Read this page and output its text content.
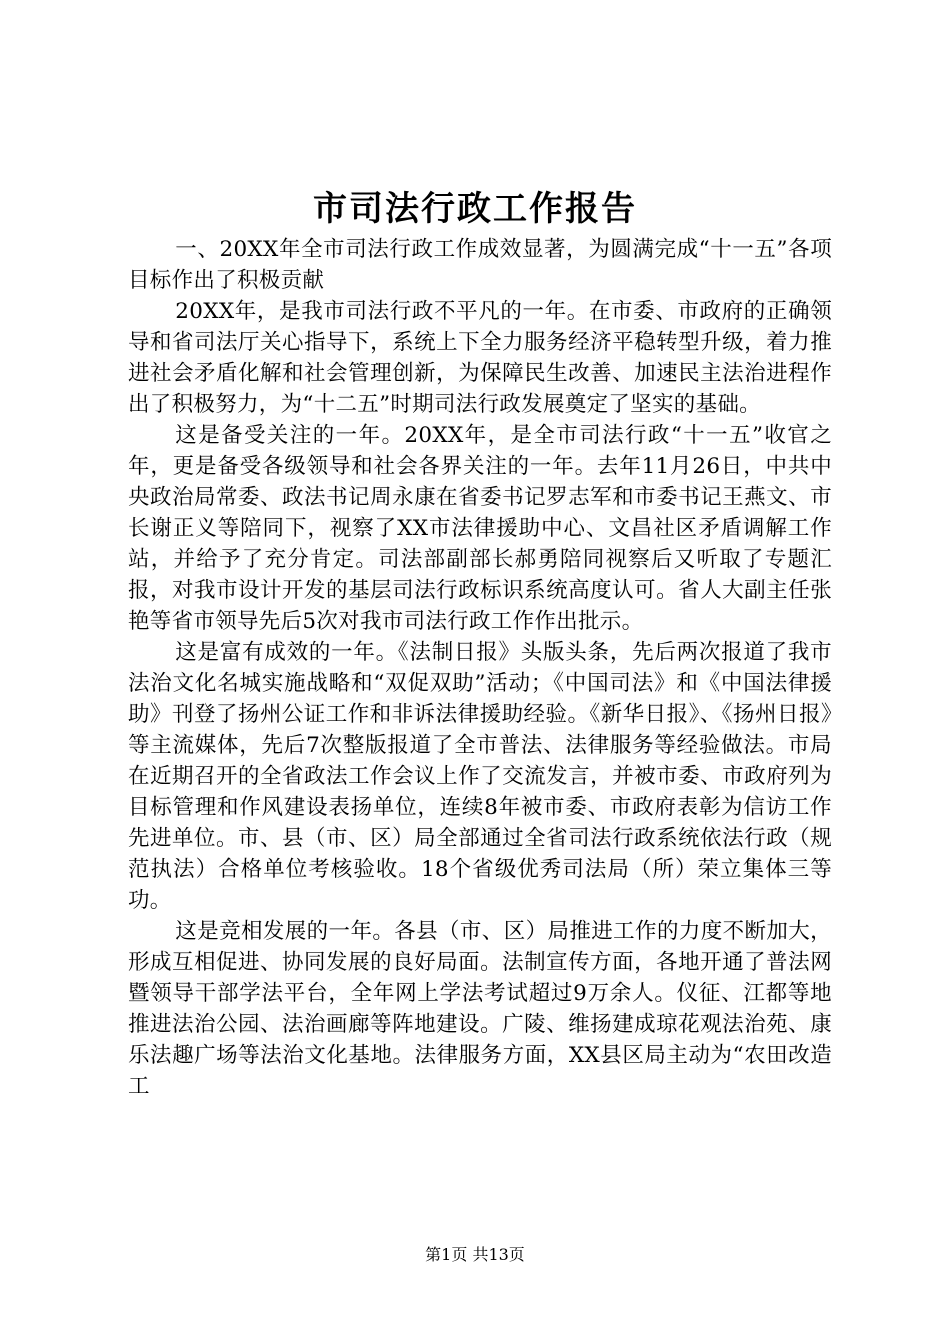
市司法行政工作报告

一、20XX年全市司法行政工作成效显著，为圆满完成“十一五”各项目标作出了积极贡献

20XX年，是我市司法行政不平凡的一年。在市委、市政府的正确领导和省司法厅关心指导下，系统上下全力服务经济平稳转型升级，着力推进社会矛盾化解和社会管理创新，为保障民生改善、加速民主法治进程作出了积极努力，为“十二五”时期司法行政发展奠定了坚实的基础。

这是备受关注的一年。20XX年，是全市司法行政“十一五”收官之年，更是备受各级领导和社会各界关注的一年。去年11月26日，中共中央政治局常委、政法书记周永康在省委书记罗志军和市委书记王燕文、市长谢正义等陪同下，视察了XX市法律援助中心、文昌社区矛盾调解工作站，并给予了充分肯定。司法部副部长郝勇陪同视察后又听取了专题汇报，对我市设计开发的基层司法行政标识系统高度认可。省人大副主任张艳等省市领导先后5次对我市司法行政工作作出批示。

这是富有成效的一年。《法制日报》头版头条，先后两次报道了我市法治文化名城实施战略和“双促双助”活动；《中国司法》和《中国法律援助》刊登了扬州公证工作和非诉法律援助经验。《新华日报》、《扬州日报》等主流媒体，先后7次整版报道了全市普法、法律服务等经验做法。市局在近期召开的全省政法工作会议上作了交流发言，并被市委、市政府列为目标管理和作风建设表扬单位，连续8年被市委、市政府表彰为信访工作先进单位。市、县（市、区）局全部通过全省司法行政系统依法行政（规范执法）合格单位考核验收。18个省级优秀司法局（所）荣立集体三等功。

这是竞相发展的一年。各县（市、区）局推进工作的力度不断加大，形成互相促进、协同发展的良好局面。法制宣传方面，各地开通了普法网暨领导干部学法平台，全年网上学法考试超过9万余人。仪征、江都等地推进法治公园、法治画廊等阵地建设。广陵、维扬建成琼花观法治苑、康乐法趣广场等法治文化基地。法律服务方面，XX县区局主动为“农田改造工

第1页 共13页
